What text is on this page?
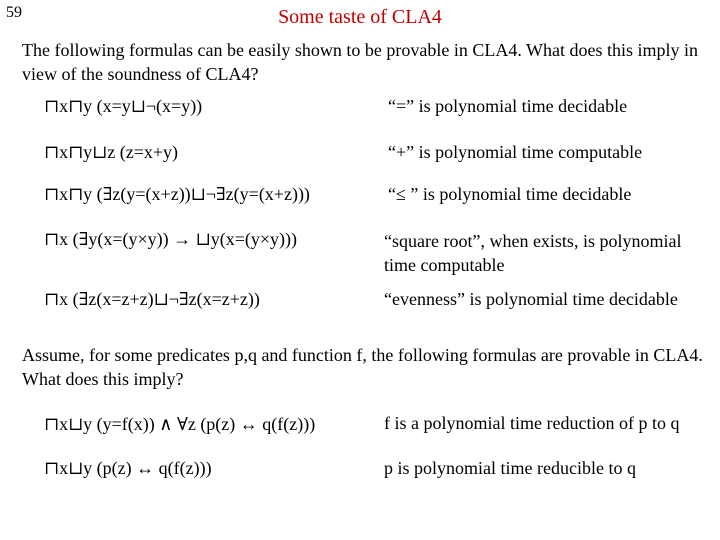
59	Some taste of CLA4
The following formulas can be easily shown to be provable in CLA4. What does this imply in view of the soundness of CLA4?
⊓x⊓y (x=y⊔¬(x=y))	“=” is polynomial time decidable
⊓x⊓y⊔z (z=x+y)	“+” is polynomial time computable
⊓x⊓y (∃z(y=(x+z))⊔¬∃z(y=(x+z)))	“≤ ” is polynomial time decidable
⊓x (∃y(x=(y×y)) → ⊔y(x=(y×y)))	“square root”, when exists, is polynomial time computable
⊓x (∃z(x=z+z)⊔¬∃z(x=z+z))	“evenness” is polynomial time decidable
Assume, for some predicates p,q and function f, the following formulas are provable in CLA4. What does this imply?
⊓x⊔y (y=f(x)) ∧ ∀z (p(z) ↔ q(f(z)))	f is a polynomial time reduction of p to q
⊓x⊔y (p(z) ↔ q(f(z)))	p is polynomial time reducible to q
